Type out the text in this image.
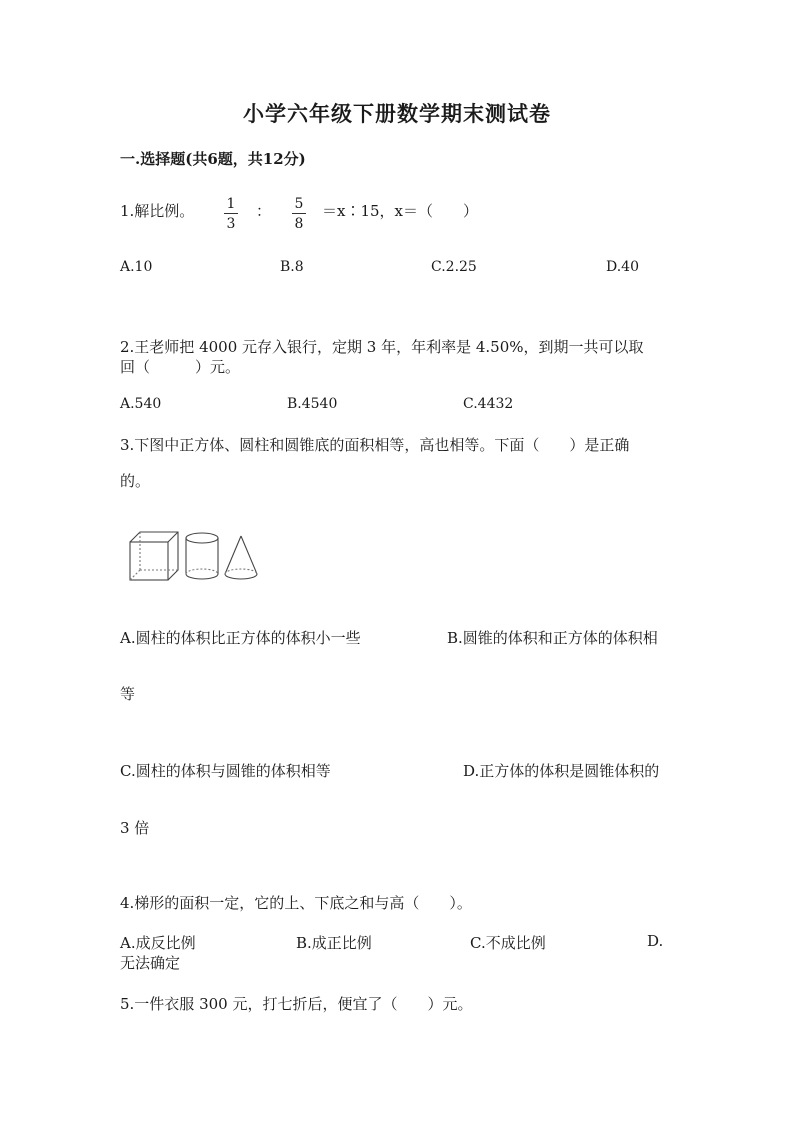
小学六年级下册数学期末测试卷
一.选择题(共6题，共12分)
1.解比例。 1
3
： 5
8
＝x∶15，x＝（　　）
A.10	B.8	C.2.25	D.40
2.王老师把 4000 元存入银行，定期 3 年，年利率是 4.50%，到期一共可以取
回（　　　）元。
A.540	B.4540	C.4432
3.下图中正方体、圆柱和圆锥底的面积相等，高也相等。下面（　　）是正确
的。
A.圆柱的体积比正方体的体积小一些	B.圆锥的体积和正方体的体积相
等
C.圆柱的体积与圆锥的体积相等	D.正方体的体积是圆锥体积的
3 倍
4.梯形的面积一定，它的上、下底之和与高（　　）。
A.成反比例	B.成正比例	C.不成比例	D.
无法确定
5.一件衣服 300 元，打七折后，便宜了（　　）元。
